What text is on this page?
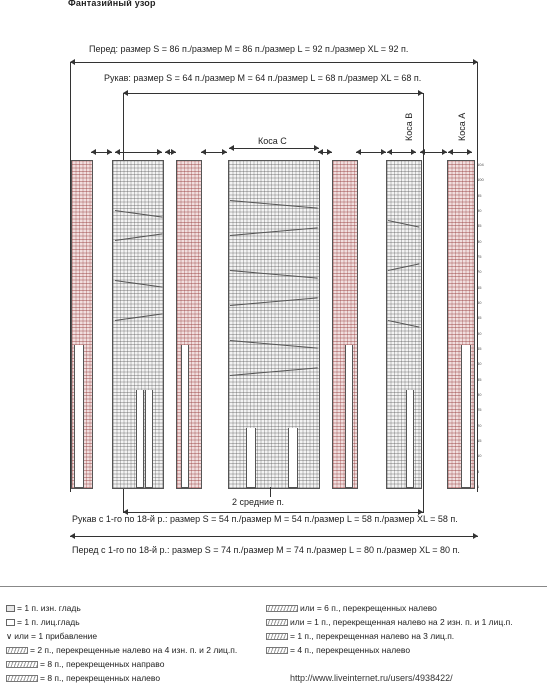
Фантазийный узор
Перед: размер S = 86 п./размер M = 86 п./размер L = 92 п./размер XL = 92 п.
Рукав: размер S = 64 п./размер M = 64 п./размер L = 68 п./размер XL = 68 п.
Коса С	Коса В	Коса А
104
100
95
90
85
80
75
70
65
60
55
50
45
40
35
30
25
20
15
10
5
1
2 средние п.
Рукав с 1-го по 18-й р.: размер S = 54 п./размер M = 54 п./размер L = 58 п./размер XL = 58 п.
Перед с 1-го по 18-й р.: размер S = 74 п./размер M = 74 п./размер L = 80 п./размер XL = 80 п.
= 1 п. изн. гладь
= 1 п. лиц.гладь
∨ или = 1 прибавление
= 2 п., перекрещенные налево на 4 изн. п. и 2 лиц.п.
= 8 п., перекрещенных направо
= 8 п., перекрещенных налево
или = 6 п., перекрещенных налево
или = 1 п., перекрещенная налево на 2 изн. п. и 1 лиц.п.
= 1 п., перекрещенная налево на 3 лиц.п.
= 4 п., перекрещенных налево
http://www.liveinternet.ru/users/4938422/
